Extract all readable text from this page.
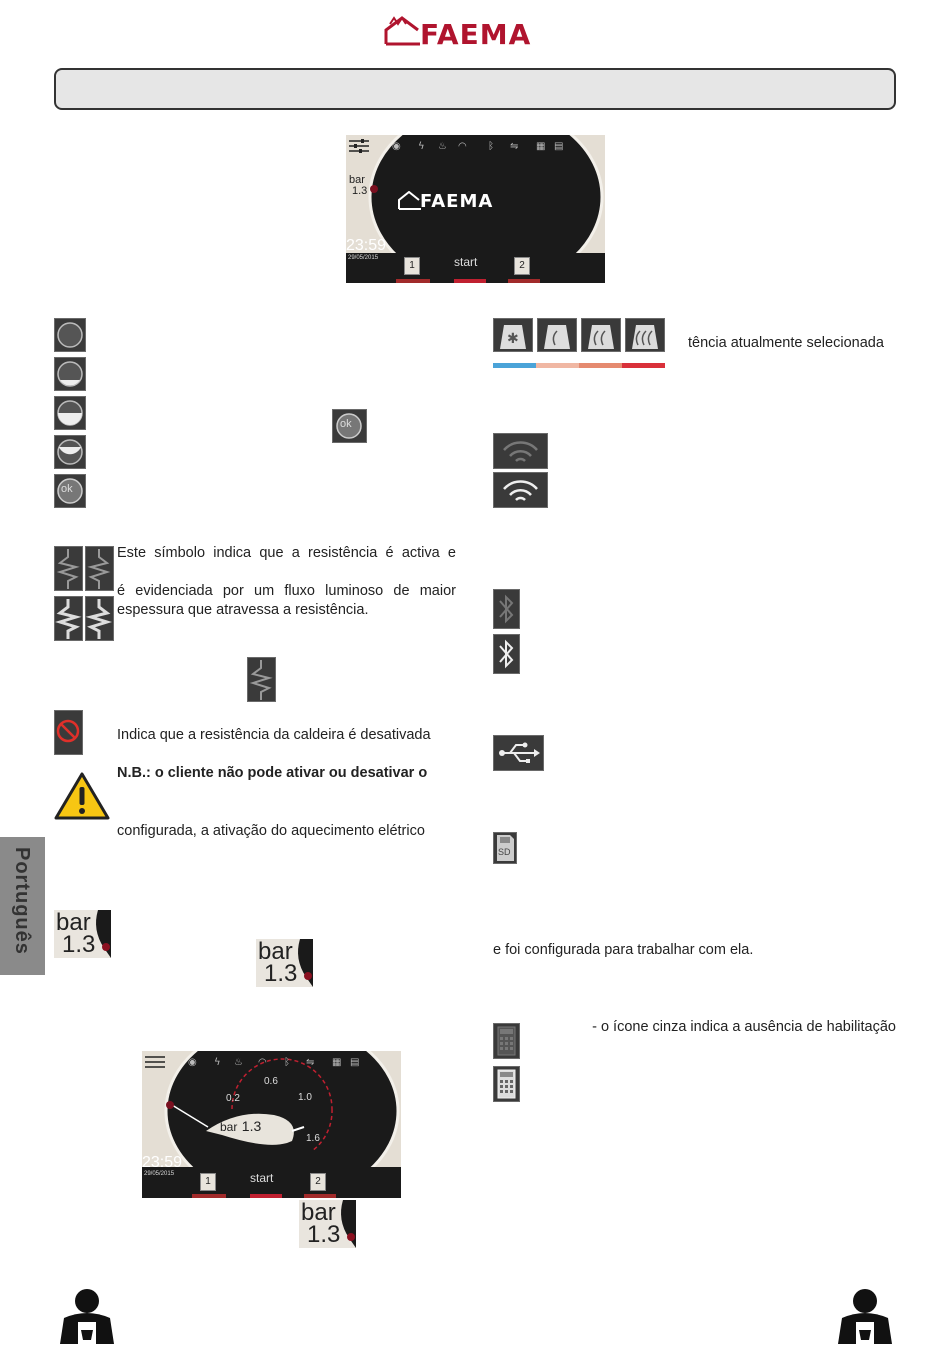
FAEMA
◉ ϟ ♨ ◠ ᛒ ⇋ ▦ ▤
bar
1.3	FAEMA
23:59
29/05/2015
1	start	2
ok
ok
Este símbolo indica que a resistência é activa e
é evidenciada por um fluxo luminoso de maior
espessura que atravessa a resistência.
Indica que a resistência da caldeira é desativada
N.B.: o cliente não pode ativar ou desativar o
configurada, a ativação do aquecimento elétrico
Português bar
1.3	bar
1.3
◉ ϟ ♨ ◠ ᛒ ⇋ ▦ ▤
0.2
0.6
1.0
1.6
bar 1.3
23:59
29/05/2015
1	start	2
bar
1.3
✱	tência atualmente selecionada
SD
e foi configurada para trabalhar com ela.
- o ícone cinza indica a ausência de habilitação
